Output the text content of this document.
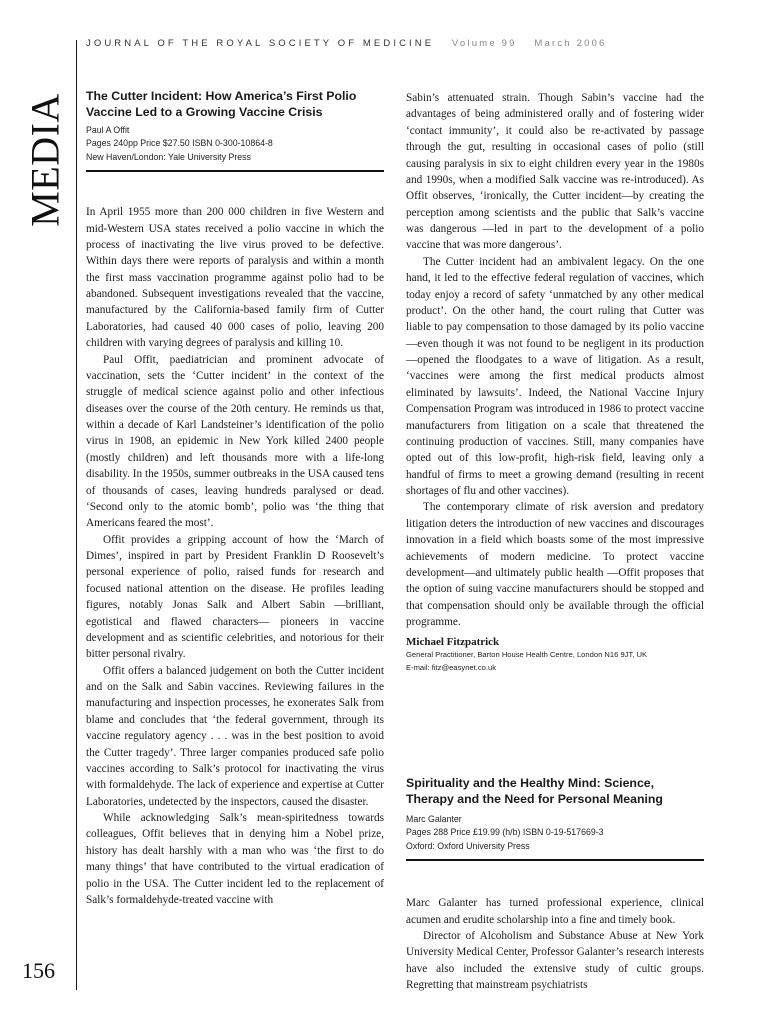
JOURNAL OF THE ROYAL SOCIETY OF MEDICINE Volume 99 March 2006
MEDIA
156
The Cutter Incident: How America’s First Polio Vaccine Led to a Growing Vaccine Crisis
Paul A Offit
Pages 240pp Price $27.50 ISBN 0-300-10864-8
New Haven/London: Yale University Press

In April 1955 more than 200 000 children in five Western and mid-Western USA states received a polio vaccine in which the process of inactivating the live virus proved to be defective. Within days there were reports of paralysis and within a month the first mass vaccination programme against polio had to be abandoned. Subsequent investigations revealed that the vaccine, manufactured by the California-based family firm of Cutter Laboratories, had caused 40 000 cases of polio, leaving 200 children with varying degrees of paralysis and killing 10.

Paul Offit, paediatrician and prominent advocate of vaccination, sets the ‘Cutter incident’ in the context of the struggle of medical science against polio and other infectious diseases over the course of the 20th century. He reminds us that, within a decade of Karl Landsteiner’s identification of the polio virus in 1908, an epidemic in New York killed 2400 people (mostly children) and left thousands more with a life-long disability. In the 1950s, summer outbreaks in the USA caused tens of thousands of cases, leaving hundreds paralysed or dead. ‘Second only to the atomic bomb’, polio was ‘the thing that Americans feared the most’.

Offit provides a gripping account of how the ‘March of Dimes’, inspired in part by President Franklin D Roosevelt’s personal experience of polio, raised funds for research and focused national attention on the disease. He profiles leading figures, notably Jonas Salk and Albert Sabin —brilliant, egotistical and flawed characters— pioneers in vaccine development and as scientific celebrities, and notorious for their bitter personal rivalry.

Offit offers a balanced judgement on both the Cutter incident and on the Salk and Sabin vaccines. Reviewing failures in the manufacturing and inspection processes, he exonerates Salk from blame and concludes that ‘the federal government, through its vaccine regulatory agency . . . was in the best position to avoid the Cutter tragedy’. Three larger companies produced safe polio vaccines according to Salk’s protocol for inactivating the virus with formaldehyde. The lack of experience and expertise at Cutter Laboratories, undetected by the inspectors, caused the disaster.

While acknowledging Salk’s mean-spiritedness towards colleagues, Offit believes that in denying him a Nobel prize, history has dealt harshly with a man who was ‘the first to do many things’ that have contributed to the virtual eradication of polio in the USA. The Cutter incident led to the replacement of Salk’s formaldehyde-treated vaccine with

Sabin’s attenuated strain. Though Sabin’s vaccine had the advantages of being administered orally and of fostering wider ‘contact immunity’, it could also be re-activated by passage through the gut, resulting in occasional cases of polio (still causing paralysis in six to eight children every year in the 1980s and 1990s, when a modified Salk vaccine was re-introduced). As Offit observes, ‘ironically, the Cutter incident—by creating the perception among scientists and the public that Salk’s vaccine was dangerous —led in part to the development of a polio vaccine that was more dangerous’.

The Cutter incident had an ambivalent legacy. On the one hand, it led to the effective federal regulation of vaccines, which today enjoy a record of safety ‘unmatched by any other medical product’. On the other hand, the court ruling that Cutter was liable to pay compensation to those damaged by its polio vaccine—even though it was not found to be negligent in its production—opened the floodgates to a wave of litigation. As a result, ‘vaccines were among the first medical products almost eliminated by lawsuits’. Indeed, the National Vaccine Injury Compensation Program was introduced in 1986 to protect vaccine manufacturers from litigation on a scale that threatened the continuing production of vaccines. Still, many companies have opted out of this low-profit, high-risk field, leaving only a handful of firms to meet a growing demand (resulting in recent shortages of flu and other vaccines).

The contemporary climate of risk aversion and predatory litigation deters the introduction of new vaccines and discourages innovation in a field which boasts some of the most impressive achievements of modern medicine. To protect vaccine development—and ultimately public health —Offit proposes that the option of suing vaccine manufacturers should be stopped and that compensation should only be available through the official programme.

Michael Fitzpatrick
General Practitioner, Barton House Health Centre, London N16 9JT, UK
E-mail: fitz@easynet.co.uk
Spirituality and the Healthy Mind: Science, Therapy and the Need for Personal Meaning
Marc Galanter
Pages 288 Price £19.99 (h/b) ISBN 0-19-517669-3
Oxford: Oxford University Press

Marc Galanter has turned professional experience, clinical acumen and erudite scholarship into a fine and timely book.

Director of Alcoholism and Substance Abuse at New York University Medical Center, Professor Galanter’s research interests have also included the extensive study of cultic groups. Regretting that mainstream psychiatrists
